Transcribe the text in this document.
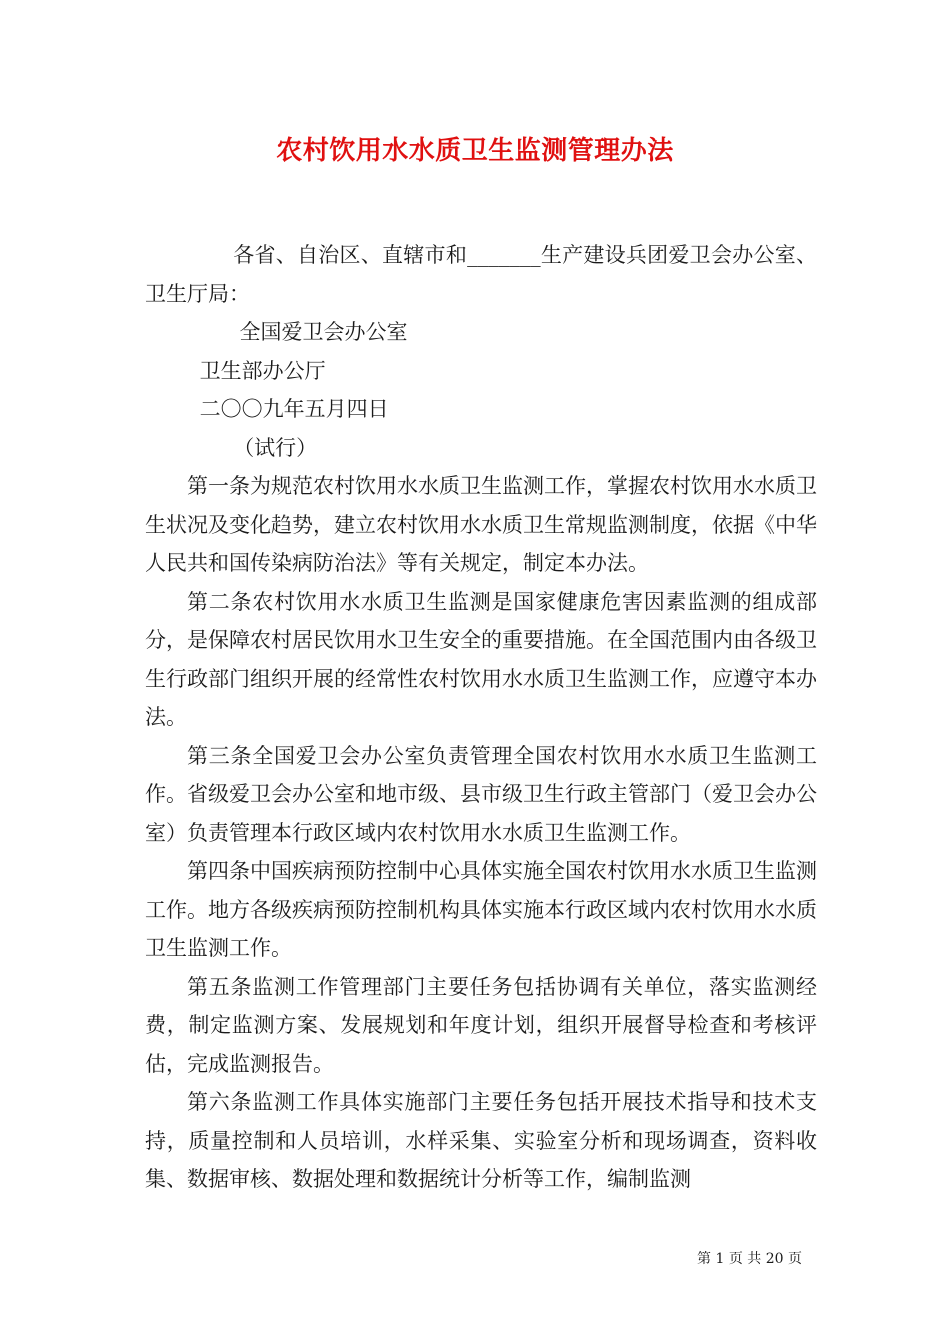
农村饮用水水质卫生监测管理办法

各省、自治区、直辖市和_______生产建设兵团爱卫会办公室、卫生厅局：

全国爱卫会办公室

卫生部办公厅

二〇〇九年五月四日

（试行）

第一条为规范农村饮用水水质卫生监测工作，掌握农村饮用水水质卫生状况及变化趋势，建立农村饮用水水质卫生常规监测制度，依据《中华人民共和国传染病防治法》等有关规定，制定本办法。

第二条农村饮用水水质卫生监测是国家健康危害因素监测的组成部分，是保障农村居民饮用水卫生安全的重要措施。在全国范围内由各级卫生行政部门组织开展的经常性农村饮用水水质卫生监测工作，应遵守本办法。

第三条全国爱卫会办公室负责管理全国农村饮用水水质卫生监测工作。省级爱卫会办公室和地市级、县市级卫生行政主管部门（爱卫会办公室）负责管理本行政区域内农村饮用水水质卫生监测工作。

第四条中国疾病预防控制中心具体实施全国农村饮用水水质卫生监测工作。地方各级疾病预防控制机构具体实施本行政区域内农村饮用水水质卫生监测工作。

第五条监测工作管理部门主要任务包括协调有关单位，落实监测经费，制定监测方案、发展规划和年度计划，组织开展督导检查和考核评估，完成监测报告。

第六条监测工作具体实施部门主要任务包括开展技术指导和技术支持，质量控制和人员培训，水样采集、实验室分析和现场调查，资料收集、数据审核、数据处理和数据统计分析等工作，编制监测

第 1 页 共 20 页
